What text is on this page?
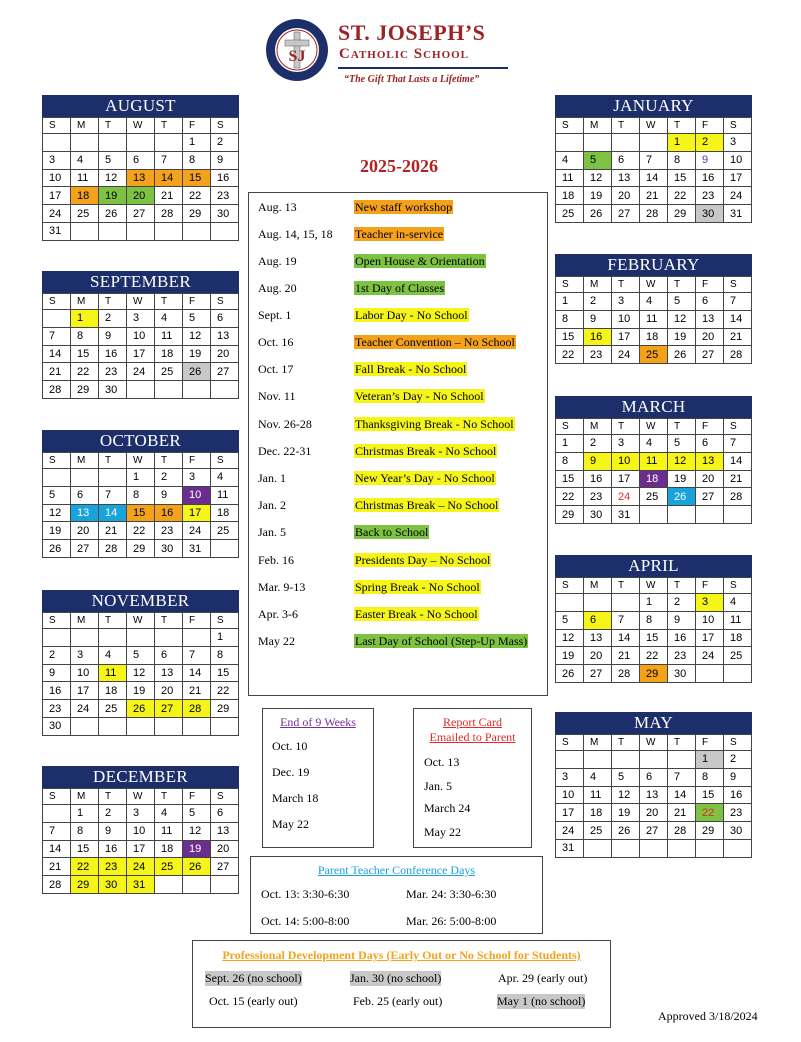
SJ
ST. JOSEPH’S
Catholic School
“The Gift That Lasts a Lifetime”
2025-2026
AUGUST
S	M	T	W	T	F	S
					1	2
3	4	5	6	7	8	9
10	11	12	13	14	15	16
17	18	19	20	21	22	23
24	25	26	27	28	29	30
31						
SEPTEMBER
S	M	T	W	T	F	S
	1	2	3	4	5	6
7	8	9	10	11	12	13
14	15	16	17	18	19	20
21	22	23	24	25	26	27
28	29	30				
OCTOBER
S	M	T	W	T	F	S
			1	2	3	4
5	6	7	8	9	10	11
12	13	14	15	16	17	18
19	20	21	22	23	24	25
26	27	28	29	30	31	
NOVEMBER
S	M	T	W	T	F	S
						1
2	3	4	5	6	7	8
9	10	11	12	13	14	15
16	17	18	19	20	21	22
23	24	25	26	27	28	29
30						
DECEMBER
S	M	T	W	T	F	S
	1	2	3	4	5	6
7	8	9	10	11	12	13
14	15	16	17	18	19	20
21	22	23	24	25	26	27
28	29	30	31			
JANUARY
S	M	T	W	T	F	S
				1	2	3
4	5	6	7	8	9	10
11	12	13	14	15	16	17
18	19	20	21	22	23	24
25	26	27	28	29	30	31
FEBRUARY
S	M	T	W	T	F	S
1	2	3	4	5	6	7
8	9	10	11	12	13	14
15	16	17	18	19	20	21
22	23	24	25	26	27	28
MARCH
S	M	T	W	T	F	S
1	2	3	4	5	6	7
8	9	10	11	12	13	14
15	16	17	18	19	20	21
22	23	24	25	26	27	28
29	30	31				
APRIL
S	M	T	W	T	F	S
			1	2	3	4
5	6	7	8	9	10	11
12	13	14	15	16	17	18
19	20	21	22	23	24	25
26	27	28	29	30		
MAY
S	M	T	W	T	F	S
					1	2
3	4	5	6	7	8	9
10	11	12	13	14	15	16
17	18	19	20	21	22	23
24	25	26	27	28	29	30
31						
Aug. 13	New staff workshop
Aug. 14, 15, 18 Teacher in-service
Aug. 19	Open House & Orientation
Aug. 20	1st Day of Classes
Sept. 1	Labor Day - No School
Oct. 16	Teacher Convention – No School
Oct. 17	Fall Break - No School
Nov. 11	Veteran’s Day - No School
Nov. 26-28	Thanksgiving Break - No School
Dec. 22-31	Christmas Break - No School
Jan. 1	New Year’s Day - No School
Jan. 2	Christmas Break – No School
Jan. 5	Back to School
Feb. 16	Presidents Day – No School
Mar. 9-13	Spring Break - No School
Apr. 3-6	Easter Break - No School
May 22	Last Day of School (Step-Up Mass)
End of 9 Weeks
Oct. 10
Dec. 19
March 18
May 22
Report Card
Emailed to Parent
Oct. 13
Jan. 5
March 24
May 22
Parent Teacher Conference Days
Oct. 13: 3:30-6:30	Mar. 24: 3:30-6:30
Oct. 14: 5:00-8:00	Mar. 26: 5:00-8:00
Professional Development Days (Early Out or No School for Students)
Sept. 26 (no school)	Jan. 30 (no school)	Apr. 29 (early out)
Oct. 15 (early out)	Feb. 25 (early out)	May 1 (no school)
Approved 3/18/2024
